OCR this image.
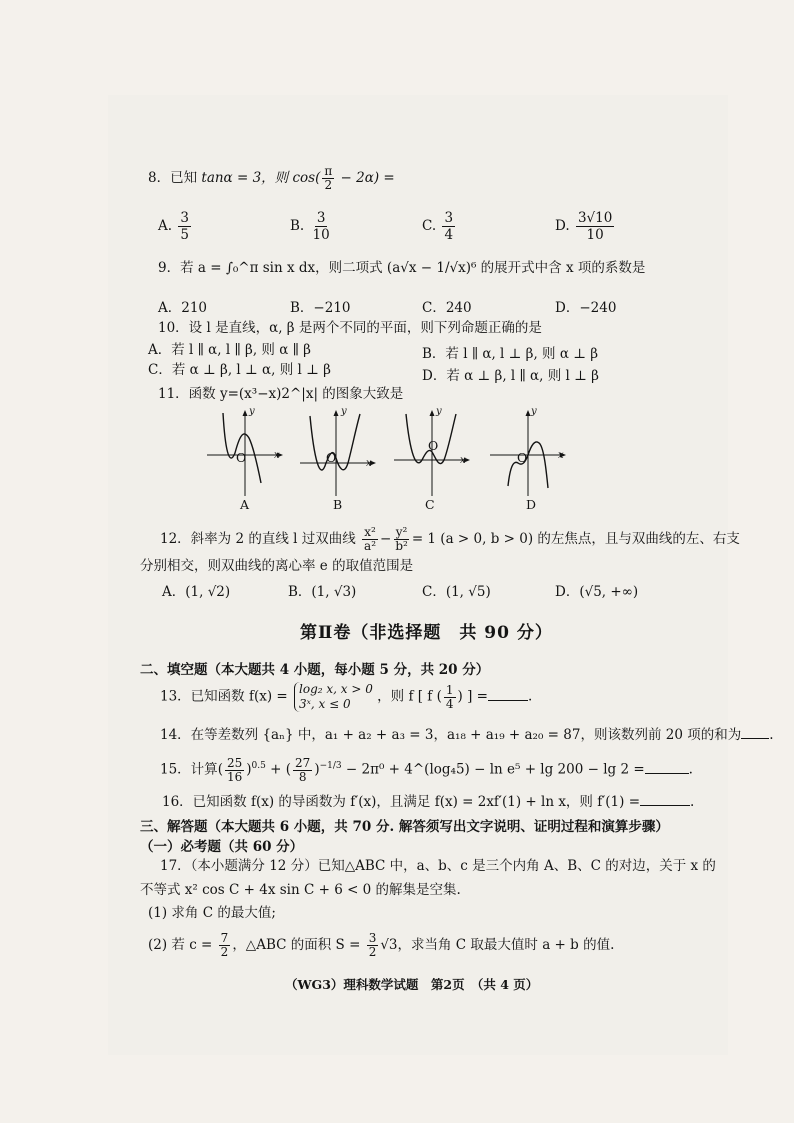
8．已知 tanα = 3，则 $\cos( \frac{\pi}{2} - 2\alpha)$ =
A. $\frac{3}{5}$	B. $\frac{3}{10}$	C. $\frac{3}{4}$	D. $\frac{3√10}{10}$
9．若 a = ∫₀^π sin x dx，则二项式 (a√x − 1/√x)⁶ 的展开式中含 x 项的系数是
A．210	B．−210	C．240	D．−240
10．设 l 是直线，α, β 是两个不同的平面，则下列命题正确的是
A．若 l ∥ α, l ∥ β, 则 α ∥ β	B．若 l ∥ α, l ⊥ β, 则 α ⊥ β
C．若 α ⊥ β, l ⊥ α, 则 l ⊥ β	D．若 α ⊥ β, l ∥ α, 则 l ⊥ β
11．函数 y=(x³−x)2^|x| 的图象大致是
O
y
x
A
O
y
x
B
O
y
x
C
O
y
x
D
12．斜率为 2 的直线 l 过双曲线 $\frac{\text{x²}}{\text{a²}} - \frac{\text{y²}}{\text{b²}} = 1$ (a > 0, b > 0) 的左焦点，且与双曲线的左、右支
分别相交，则双曲线的离心率 e 的取值范围是
A．(1, √2)	B．(1, √3)	C．(1, √5)	D．(√5, +∞)
第Ⅱ卷（非选择题　共 90 分）
二、填空题（本大题共 4 小题，每小题 5 分，共 20 分）
13．已知函数 f(x) = log₂ x, x > 0
3ˣ, x ≤ 0	，则 f [ f ( $\frac{1}{4}$ ) ] =	.
14．在等差数列 {aₙ} 中，a₁ + a₂ + a₃ = 3，a₁₈ + a₁₉ + a₂₀ = 87，则该数列前 20 项的和为 .
15．计算( $\frac{25}{16} )^{0.5}$ + ( $\frac{27}{8} )^{-1/3} - 2\pi^0$ + 4^(log₄5) − ln e⁵ + lg 200 − lg 2 =	.
16．已知函数 f(x) 的导函数为 f′(x)，且满足 f(x) = 2xf′(1) + ln x，则 f′(1) =	.
三、解答题（本大题共 6 小题，共 70 分. 解答须写出文字说明、证明过程和演算步骤）
（一）必考题（共 60 分）
17．（本小题满分 12 分）已知△ABC 中，a、b、c 是三个内角 A、B、C 的对边，关于 x 的
不等式 x² cos C + 4x sin C + 6 < 0 的解集是空集.
(1) 求角 C 的最大值;
(2) 若 $c = \frac{7}{2}$ ，△ABC 的面积 $S = \frac{3}{2} √3$，求当角 C 取最大值时 a + b 的值.
（WG3）理科数学试题　第2页　（共 4 页）
